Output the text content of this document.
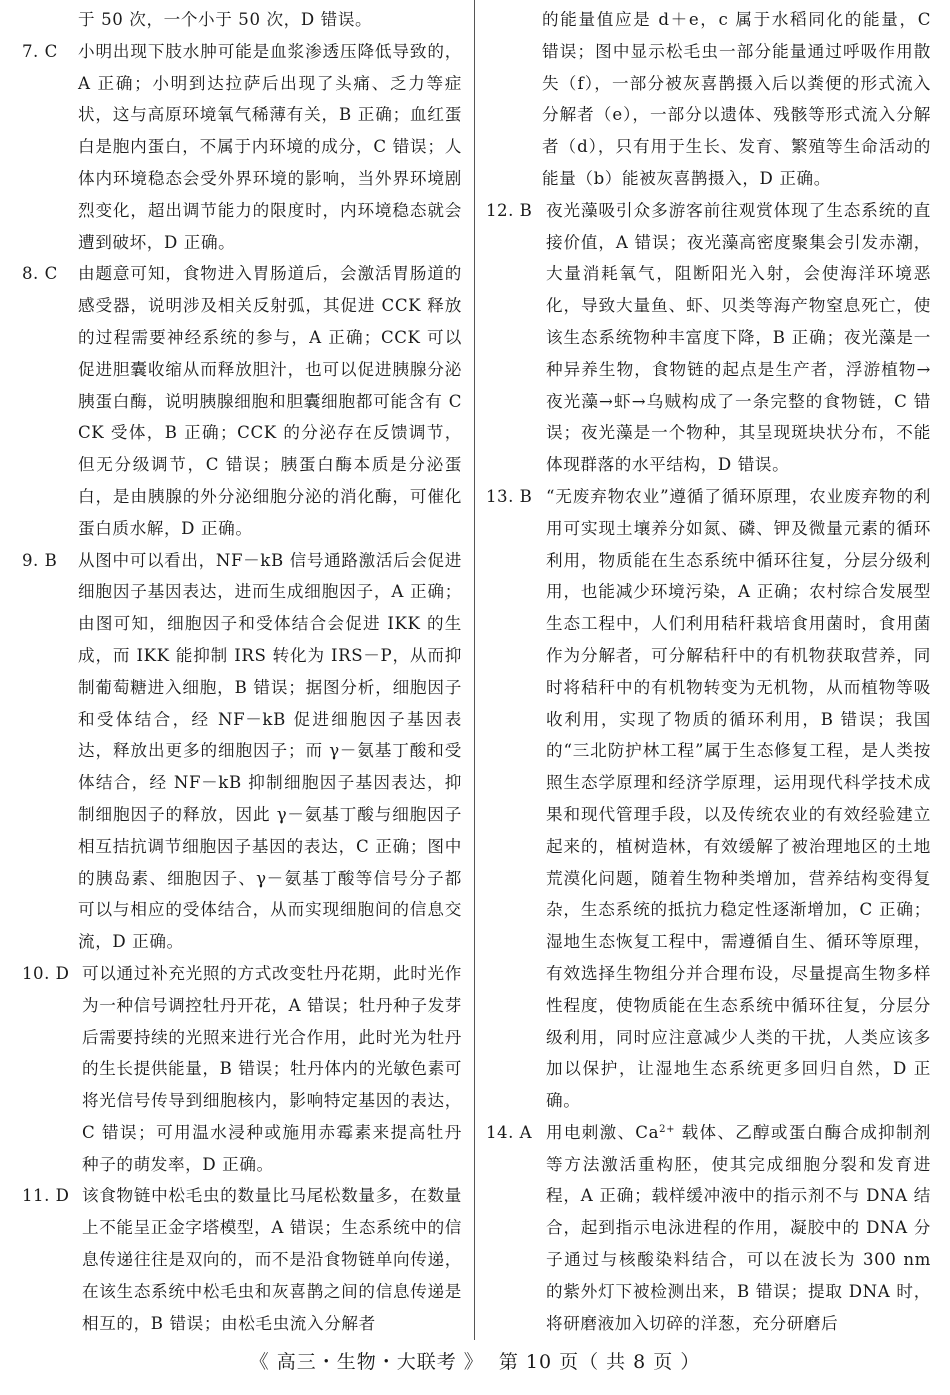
于 50 次，一个小于 50 次，D 错误。

7. C 小明出现下肢水肿可能是血浆渗透压降低导致的，A 正确；小明到达拉萨后出现了头痛、乏力等症状，这与高原环境氧气稀薄有关，B 正确；血红蛋白是胞内蛋白，不属于内环境的成分，C 错误；人体内环境稳态会受外界环境的影响，当外界环境剧烈变化，超出调节能力的限度时，内环境稳态就会遭到破坏，D 正确。

8. C 由题意可知，食物进入胃肠道后，会激活胃肠道的感受器，说明涉及相关反射弧，其促进 CCK 释放的过程需要神经系统的参与，A 正确；CCK 可以促进胆囊收缩从而释放胆汁，也可以促进胰腺分泌胰蛋白酶，说明胰腺细胞和胆囊细胞都可能含有 CCK 受体，B 正确；CCK 的分泌存在反馈调节，但无分级调节，C 错误；胰蛋白酶本质是分泌蛋白，是由胰腺的外分泌细胞分泌的消化酶，可催化蛋白质水解，D 正确。

9. B 从图中可以看出，NF－kB 信号通路激活后会促进细胞因子基因表达，进而生成细胞因子，A 正确；由图可知，细胞因子和受体结合会促进 IKK 的生成，而 IKK 能抑制 IRS 转化为 IRS－P，从而抑制葡萄糖进入细胞，B 错误；据图分析，细胞因子和受体结合，经 NF－kB 促进细胞因子基因表达，释放出更多的细胞因子；而 γ－氨基丁酸和受体结合，经 NF－kB 抑制细胞因子基因表达，抑制细胞因子的释放，因此 γ－氨基丁酸与细胞因子相互拮抗调节细胞因子基因的表达，C 正确；图中的胰岛素、细胞因子、γ－氨基丁酸等信号分子都可以与相应的受体结合，从而实现细胞间的信息交流，D 正确。

10. D 可以通过补充光照的方式改变牡丹花期，此时光作为一种信号调控牡丹开花，A 错误；牡丹种子发芽后需要持续的光照来进行光合作用，此时光为牡丹的生长提供能量，B 错误；牡丹体内的光敏色素可将光信号传导到细胞核内，影响特定基因的表达，C 错误；可用温水浸种或施用赤霉素来提高牡丹种子的萌发率，D 正确。

11. D 该食物链中松毛虫的数量比马尾松数量多，在数量上不能呈正金字塔模型，A 错误；生态系统中的信息传递往往是双向的，而不是沿食物链单向传递，在该生态系统中松毛虫和灰喜鹊之间的信息传递是相互的，B 错误；由松毛虫流入分解者

的能量值应是 d＋e，c 属于水稻同化的能量，C 错误；图中显示松毛虫一部分能量通过呼吸作用散失（f），一部分被灰喜鹊摄入后以粪便的形式流入分解者（e），一部分以遗体、残骸等形式流入分解者（d），只有用于生长、发育、繁殖等生命活动的能量（b）能被灰喜鹊摄入，D 正确。

12. B 夜光藻吸引众多游客前往观赏体现了生态系统的直接价值，A 错误；夜光藻高密度聚集会引发赤潮，大量消耗氧气，阻断阳光入射，会使海洋环境恶化，导致大量鱼、虾、贝类等海产物窒息死亡，使该生态系统物种丰富度下降，B 正确；夜光藻是一种异养生物，食物链的起点是生产者，浮游植物→夜光藻→虾→乌贼构成了一条完整的食物链，C 错误；夜光藻是一个物种，其呈现斑块状分布，不能体现群落的水平结构，D 错误。

13. B “无废弃物农业”遵循了循环原理，农业废弃物的利用可实现土壤养分如氮、磷、钾及微量元素的循环利用，物质能在生态系统中循环往复，分层分级利用，也能减少环境污染，A 正确；农村综合发展型生态工程中，人们利用秸秆栽培食用菌时，食用菌作为分解者，可分解秸秆中的有机物获取营养，同时将秸秆中的有机物转变为无机物，从而植物等吸收利用，实现了物质的循环利用，B 错误；我国的“三北防护林工程”属于生态修复工程，是人类按照生态学原理和经济学原理，运用现代科学技术成果和现代管理手段，以及传统农业的有效经验建立起来的，植树造林，有效缓解了被治理地区的土地荒漠化问题，随着生物种类增加，营养结构变得复杂，生态系统的抵抗力稳定性逐渐增加，C 正确；湿地生态恢复工程中，需遵循自生、循环等原理，有效选择生物组分并合理布设，尽量提高生物多样性程度，使物质能在生态系统中循环往复，分层分级利用，同时应注意减少人类的干扰，人类应该多加以保护，让湿地生态系统更多回归自然，D 正确。

14. A 用电刺激、$Ca^{2+}$ 载体、乙醇或蛋白酶合成抑制剂等方法激活重构胚，使其完成细胞分裂和发育进程，A 正确；载样缓冲液中的指示剂不与 DNA 结合，起到指示电泳进程的作用，凝胶中的 DNA 分子通过与核酸染料结合，可以在波长为 300 nm 的紫外灯下被检测出来，B 错误；提取 DNA 时，将研磨液加入切碎的洋葱，充分研磨后

《 高三・生物・大联考 》 第 10 页（ 共 8 页 ）
